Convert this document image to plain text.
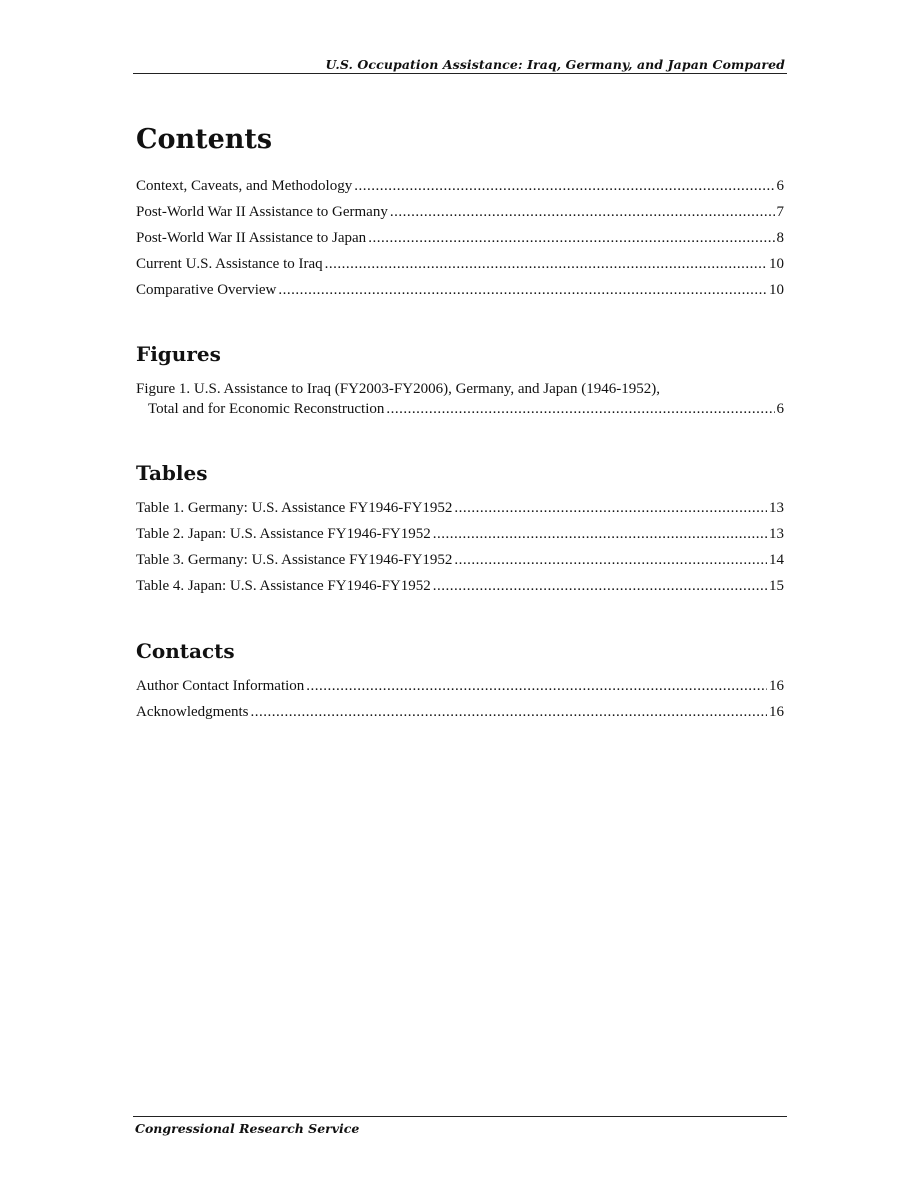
U.S. Occupation Assistance: Iraq, Germany, and Japan Compared
Contents
Context, Caveats, and Methodology .....	6
Post-World War II Assistance to Germany .....	7
Post-World War II Assistance to Japan .....	8
Current U.S. Assistance to Iraq .....	10
Comparative Overview .....	10
Figures
Figure 1. U.S. Assistance to Iraq (FY2003-FY2006), Germany, and Japan (1946-1952),
Total and for Economic Reconstruction .....	6
Tables
Table 1. Germany: U.S. Assistance FY1946-FY1952 .....	13
Table 2. Japan: U.S. Assistance FY1946-FY1952 .....	13
Table 3. Germany: U.S. Assistance FY1946-FY1952 .....	14
Table 4. Japan: U.S. Assistance FY1946-FY1952 .....	15
Contacts
Author Contact Information .....	16
Acknowledgments .....	16
Congressional Research Service
